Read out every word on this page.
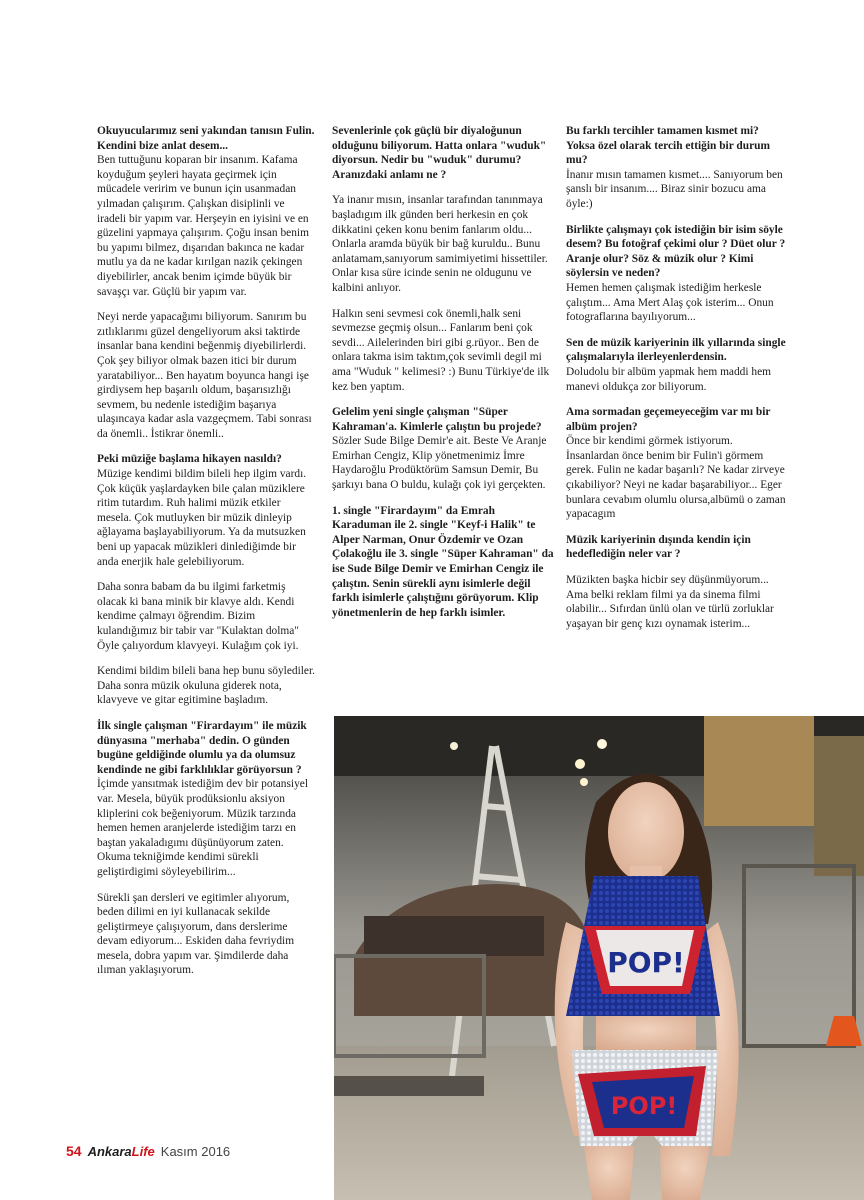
Okuyucularımız seni yakından tanısın Fulin. Kendini bize anlat desem...
Ben tuttuğunu koparan bir insanım. Kafama koyduğum şeyleri hayata geçirmek için mücadele veririm ve bunun için usanmadan yılmadan çalışırım. Çalışkan disiplinli ve iradeli bir yapım var. Herşeyin en iyisini ve en güzelini yapmaya çalışırım. Çoğu insan benim bu yapımı bilmez, dışarıdan bakınca ne kadar mutlu ya da ne kadar kırılgan nazik çekingen diyebilirler, ancak benim içimde büyük bir savaşçı var. Güçlü bir yapım var.

Neyi nerde yapacağımı biliyorum. Sanırım bu zıtlıklarımı güzel dengeliyorum aksi taktirde insanlar bana kendini beğenmiş diyebilirlerdi. Çok şey biliyor olmak bazen itici bir durum yaratabiliyor... Ben hayatım boyunca hangi işe girdiysem hep başarılı oldum, başarısızlığı sevmem, bu nedenle istediğim başarıya ulaşıncaya kadar asla vazgeçmem. Tabi sonrası da önemli.. İstikrar önemli..

Peki müziğe başlama hikayen nasıldı?
Müzige kendimi bildim bileli hep ilgim vardı. Çok küçük yaşlardayken bile çalan müziklere ritim tutardım. Ruh halimi müzik etkiler mesela. Çok mutluyken bir müzik dinleyip ağlayama başlayabiliyorum. Ya da mutsuzken beni up yapacak müzikleri dinlediğimde bir anda enerjik hale gelebiliyorum.

Daha sonra babam da bu ilgimi farketmiş olacak ki bana minik bir klavye aldı. Kendi kendime çalmayı öğrendim. Bizim kulandığımız bir tabir var "Kulaktan dolma" Öyle çalıyordum klavyeyi. Kulağım çok iyi.

Kendimi bildim bileli bana hep bunu söylediler. Daha sonra müzik okuluna giderek nota, klavyeve ve gitar egitimine başladım.

İlk single çalışman "Firardayım" ile müzik dünyasına "merhaba" dedin. O günden bugüne geldiğinde olumlu ya da olumsuz kendinde ne gibi farklılıklar görüyorsun ?
İçimde yansıtmak istediğim dev bir potansiyel var. Mesela, büyük prodüksionlu aksiyon kliplerini cok beğeniyorum. Müzik tarzında hemen hemen aranjelerde istediğim tarzı en baştan yakaladıgımı düşünüyorum zaten. Okuma tekniğimde kendimi sürekli geliştirdigimi söyleyebilirim...

Sürekli şan dersleri ve egitimler alıyorum, beden dilimi en iyi kullanacak sekilde geliştirmeye çalışıyorum, dans derslerime devam ediyorum... Eskiden daha fevriydim mesela, dobra yapım var. Şimdilerde daha ılıman yaklaşıyorum.

Sevenlerinle çok güçlü bir diyaloğunun olduğunu biliyorum. Hatta onlara "wuduk" diyorsun. Nedir bu "wuduk" durumu? Aranızdaki anlamı ne ?

Ya inanır mısın, insanlar tarafından tanınmaya başladıgım ilk günden beri herkesin en çok dikkatini çeken konu benim fanlarım oldu... Onlarla aramda büyük bir bağ kuruldu.. Bunu anlatamam,sanıyorum samimiyetimi hissettiler. Onlar kısa süre icinde senin ne oldugunu ve kalbini anlıyor.

Halkın seni sevmesi cok önemli,halk seni sevmezse geçmiş olsun... Fanlarım beni çok sevdi... Ailelerinden biri gibi g.rüyor.. Ben de onlara takma isim taktım,çok sevimli degil mi ama "Wuduk " kelimesi? :) Bunu Türkiye'de ilk kez ben yaptım.

Gelelim yeni single çalışman "Süper Kahraman'a. Kimlerle çalıştın bu projede?
Sözler Sude Bilge Demir'e ait. Beste Ve Aranje Emirhan Cengiz, Klip yönetmenimiz İmre Haydaroğlu Prodüktörüm Samsun Demir, Bu şarkıyı bana O buldu, kulağı çok iyi gerçekten.

1. single "Firardayım" da Emrah Karaduman ile 2. single "Keyf-i Halik" te Alper Narman, Onur Özdemir ve Ozan Çolakoğlu ile 3. single "Süper Kahraman" da ise Sude Bilge Demir ve Emirhan Cengiz ile çalıştın. Senin sürekli aynı isimlerle değil farklı isimlerle çalıştığını görüyorum. Klip yönetmenlerin de hep farklı isimler.

Bu farklı tercihler tamamen kısmet mi? Yoksa özel olarak tercih ettiğin bir durum mu?
İnanır mısın tamamen kısmet.... Sanıyorum ben şanslı bir insanım.... Biraz sinir bozucu ama öyle:)

Birlikte çalışmayı çok istediğin bir isim söyle desem? Bu fotoğraf çekimi olur ? Düet olur ? Aranje olur? Söz & müzik olur ? Kimi söylersin ve neden?
Hemen hemen çalışmak istediğim herkesle çalıştım... Ama Mert Alaş çok isterim... Onun fotograflarına bayılıyorum...

Sen de müzik kariyerinin ilk yıllarında single çalışmalarıyla ilerleyenlerdensin.
Doludolu bir albüm yapmak hem maddi hem manevi oldukça zor biliyorum.

Ama sormadan geçemeyeceğim var mı bir albüm projen?
Önce bir kendimi görmek istiyorum. İnsanlardan önce benim bir Fulin'i görmem gerek. Fulin ne kadar başarılı? Ne kadar zirveye çıkabiliyor? Neyi ne kadar başarabiliyor... Eger bunlara cevabım olumlu olursa,albümü o zaman yapacagım

Müzik kariyerinin dışında kendin için hedeflediğin neler var ?

Müzikten başka hicbir sey düşünmüyorum... Ama belki reklam filmi ya da sinema filmi olabilir... Sıfırdan ünlü olan ve türlü zorluklar yaşayan bir genç kızı oynamak isterim...

POP!
POP!
54 AnkaraLife Kasım 2016
